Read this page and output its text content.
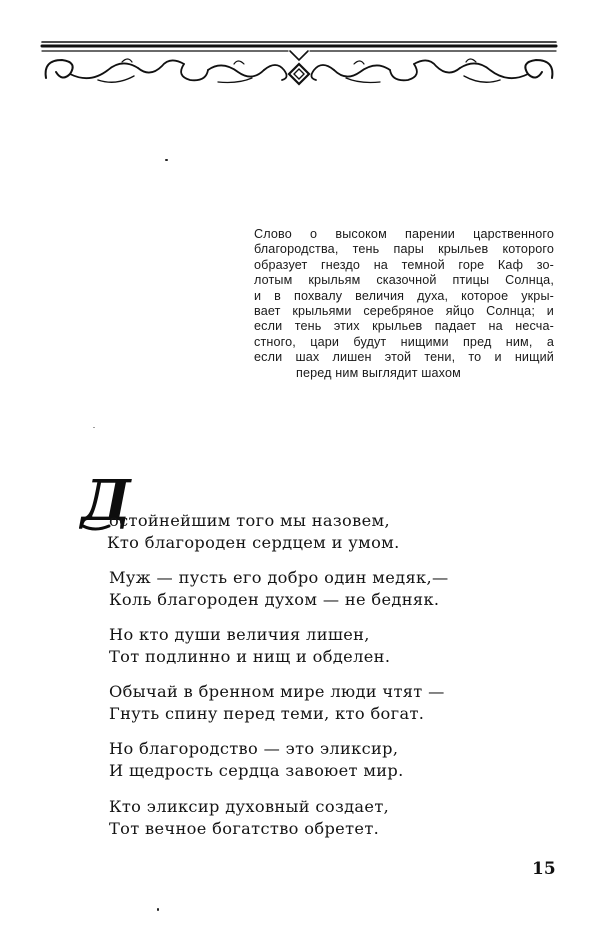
Слово о высоком парении царственного
благородства, тень пары крыльев которого
образует гнездо на темной горе Каф зо-
лотым крыльям сказочной птицы Солнца,
и в похвалу величия духа, которое укры-
вает крыльями серебряное яйцо Солнца; и
если тень этих крыльев падает на несча-
стного, цари будут нищими пред ним, а
если шах лишен этой тени, то и нищий
перед ним выглядит шахом
Д
остойнейшим того мы назовем,
Кто благороден сердцем и умом.
Муж — пусть его добро один медяк,—
Коль благороден духом — не бедняк.
Но кто души величия лишен,
Тот подлинно и нищ и обделен.
Обычай в бренном мире люди чтят —
Гнуть спину перед теми, кто богат.
Но благородство — это эликсир,
И щедрость сердца завоюет мир.
Кто эликсир духовный создает,
Тот вечное богатство обретет.
15
